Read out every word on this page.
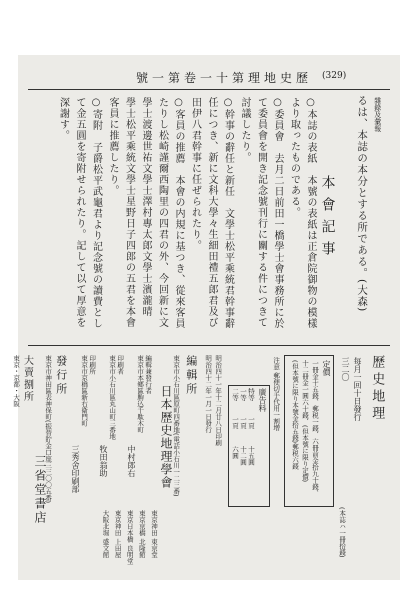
(329)
號一第卷一十第理地史歷
雜錄及彙報
るは、本誌の本分とする所である。(大森)
本會記事
○本誌の表紙　本號の表紙は正倉院御物の模樣
より取ったものである。
○委員會　去月二日前田一橋學士會事務所に於
て委員會を開き記念號刊行に關する件につきて
討議したり。
○幹事の辭任と新任　文學士松平乘統君幹事辭
任につき、新に文科大學々生細田禮五郎君及び
田伊八君幹事に任ぜられたり。
○客員の推薦　本會の内規に基つき、從來客員
たりし松崎謹爾西陶里の四君の外、今回新に文
學士渡邊世祐文學士澤村專太郎文學士濱瀧晴
學士松平乘統文學士星野日子四郎の五君を本會
客員に推薦したり。
○寄附　子爵松平武龜君より記念號の讀費とし
て金五圓を寄附せられたり。記して以て厚意を
深謝す。
歷史地理
每月一回十日發行
(本誌ハ一冊拾錢)
三二〇
定價
一冊金十五錢、郵税一錢、六冊前金拾九十錢、
十二冊金一圓六十錢、(但本號に限り定價)
(但本號に限り本號金拾五錢)郵税六錢
注意 郵便切手代用一割増
廣告料
特等
一頁
十五圓
一等
一頁
十二圓
二等
一頁
六圓
明治四十一年十二月廿八日印刷
明治四十二年一月一日發行
編輯所
東京市小石川區原町四番地(電話小石川一二三番)
日本歷史地理學會
編輯兼發行者
東京市本鄕區駒込千駄木町
中村郎右
印刷者
東京市小石川區丸山町三番地
牧田翁助
印刷所
東京市京橋區新右衛門町
三秀舍印刷部
發行所
東京市神田區表神保町(振替貯金口座三三〇〇五番)
三省堂書店
大賣捌所
東京・京都・大阪
東京神田 東京堂
東京京橋 北隆館
東京日本橋 良明堂
東京神田 上田屋
大阪北堀 盛文館
